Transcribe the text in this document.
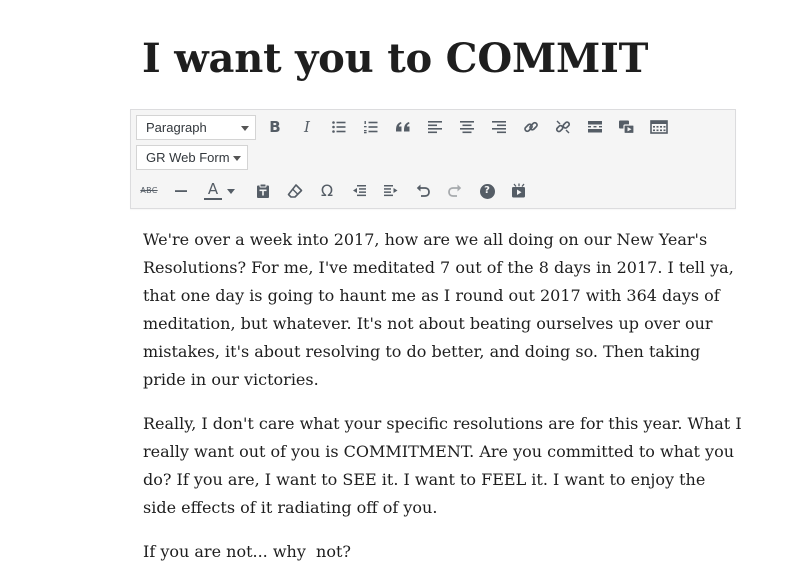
I want you to COMMIT
Paragraph	B I
GR Web Form
ABC	A	Ω	?

We're over a week into 2017, how are we all doing on our New Year's Resolutions? For me, I've meditated 7 out of the 8 days in 2017. I tell ya, that one day is going to haunt me as I round out 2017 with 364 days of meditation, but whatever. It's not about beating ourselves up over our mistakes, it's about resolving to do better, and doing so. Then taking pride in our victories.

Really, I don't care what your specific resolutions are for this year. What I really want out of you is COMMITMENT. Are you committed to what you do? If you are, I want to SEE it. I want to FEEL it. I want to enjoy the side effects of it radiating off of you.

If you are not... why  not?
